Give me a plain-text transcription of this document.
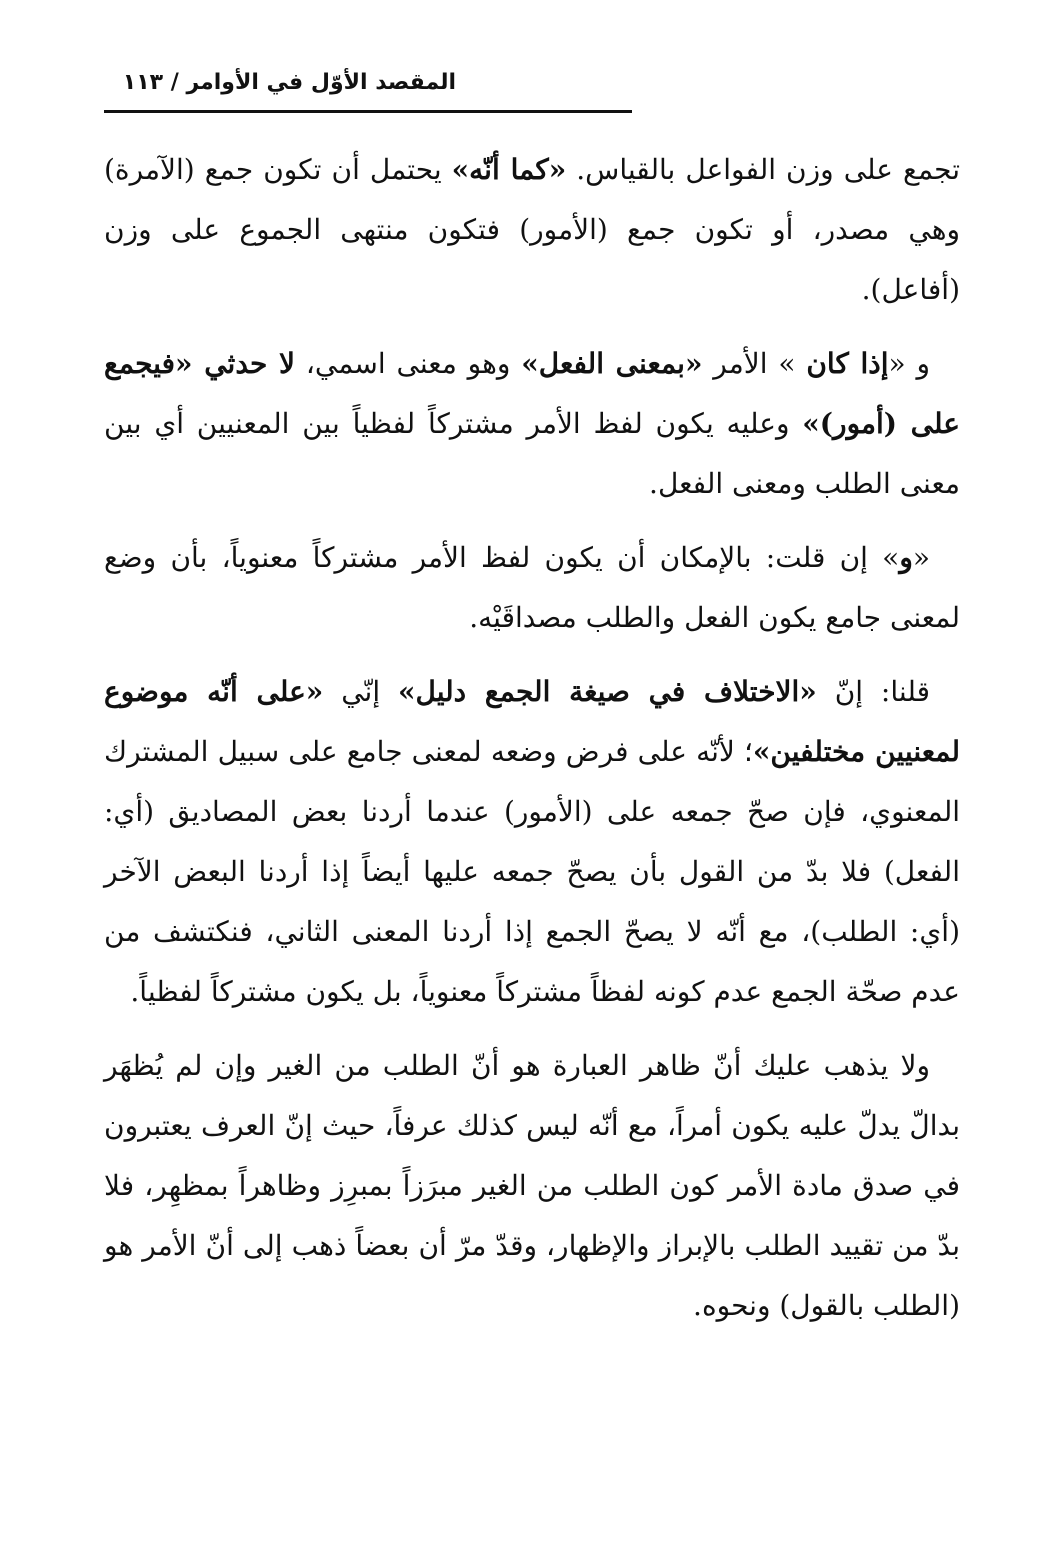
المقصد الأوّل في الأوامر / ١١٣

تجمع على وزن الفواعل بالقياس. «كما أنّه» يحتمل أن تكون جمع (الآمرة) وهي مصدر، أو تكون جمع (الأمور) فتكون منتهى الجموع على وزن (أفاعل).

و «إذا كان » الأمر «بمعنى الفعل» وهو معنى اسمي، لا حدثي «فيجمع على (أمور)» وعليه يكون لفظ الأمر مشتركاً لفظياً بين المعنيين أي بين معنى الطلب ومعنى الفعل.

«و» إن قلت: بالإمكان أن يكون لفظ الأمر مشتركاً معنوياً، بأن وضع لمعنى جامع يكون الفعل والطلب مصداقَيْه.

قلنا: إنّ «الاختلاف في صيغة الجمع دليل» إنّي «على أنّه موضوع لمعنيين مختلفين»؛ لأنّه على فرض وضعه لمعنى جامع على سبيل المشترك المعنوي، فإن صحّ جمعه على (الأمور) عندما أردنا بعض المصاديق (أي: الفعل) فلا بدّ من القول بأن يصحّ جمعه عليها أيضاً إذا أردنا البعض الآخر (أي: الطلب)، مع أنّه لا يصحّ الجمع إذا أردنا المعنى الثاني، فنكتشف من عدم صحّة الجمع عدم كونه لفظاً مشتركاً معنوياً، بل يكون مشتركاً لفظياً.

ولا يذهب عليك أنّ ظاهر العبارة هو أنّ الطلب من الغير وإن لم يُظهَر بدالّ يدلّ عليه يكون أمراً، مع أنّه ليس كذلك عرفاً، حيث إنّ العرف يعتبرون في صدق مادة الأمر كون الطلب من الغير مبرَزاً بمبرِز وظاهراً بمظهِر، فلا بدّ من تقييد الطلب بالإبراز والإظهار، وقدّ مرّ أن بعضاً ذهب إلى أنّ الأمر هو (الطلب بالقول) ونحوه.
